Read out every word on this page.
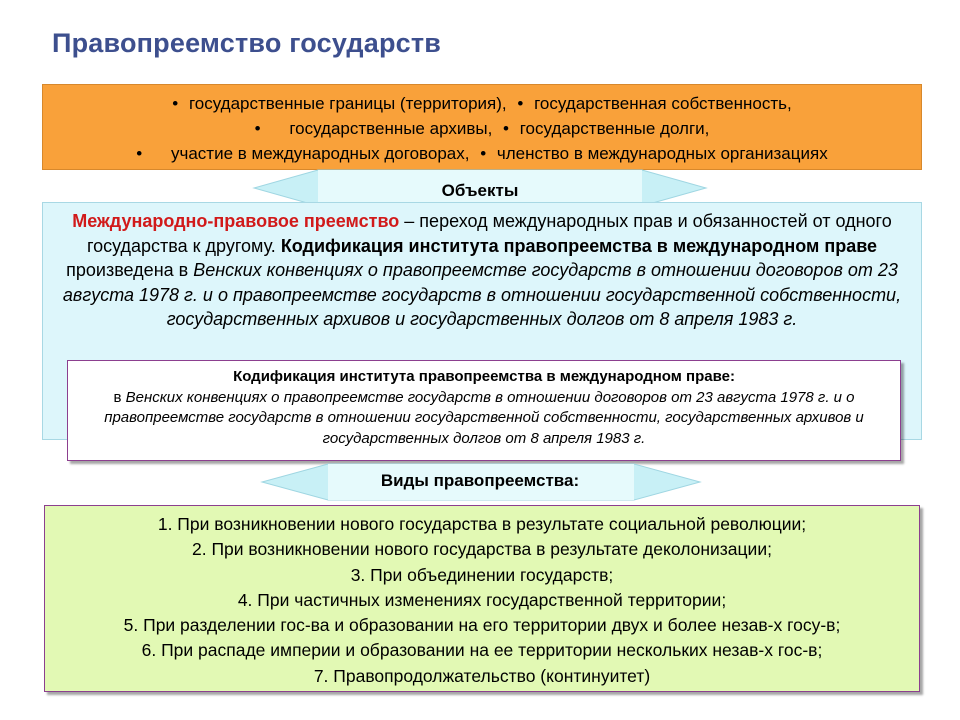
Правопреемство государств
• государственные границы (территория), • государственная собственность,
• государственные архивы, • государственные долги,
• участие в международных договорах, • членство в международных организациях
Объекты
Международно-правовое преемство – переход международных прав и обязанностей от одного государства к другому. Кодификация института правопреемства в международном праве произведена в Венских конвенциях о правопреемстве государств в отношении договоров от 23 августа 1978 г. и о правопреемстве государств в отношении государственной собственности, государственных архивов и государственных долгов от 8 апреля 1983 г.
Кодификация института правопреемства в международном праве:
в Венских конвенциях о правопреемстве государств в отношении договоров от 23 августа 1978 г. и о правопреемстве государств в отношении государственной собственности, государственных архивов и государственных долгов от 8 апреля 1983 г.
Виды правопреемства:
1. При возникновении нового государства в результате социальной революции;
2. При возникновении нового государства в результате деколонизации;
3. При объединении государств;
4. При частичных изменениях государственной территории;
5. При разделении гос-ва и образовании на его территории двух и более незав-х госу-в;
6. При распаде империи и образовании на ее территории нескольких незав-х гос-в;
7. Правопродолжательство (континуитет)
